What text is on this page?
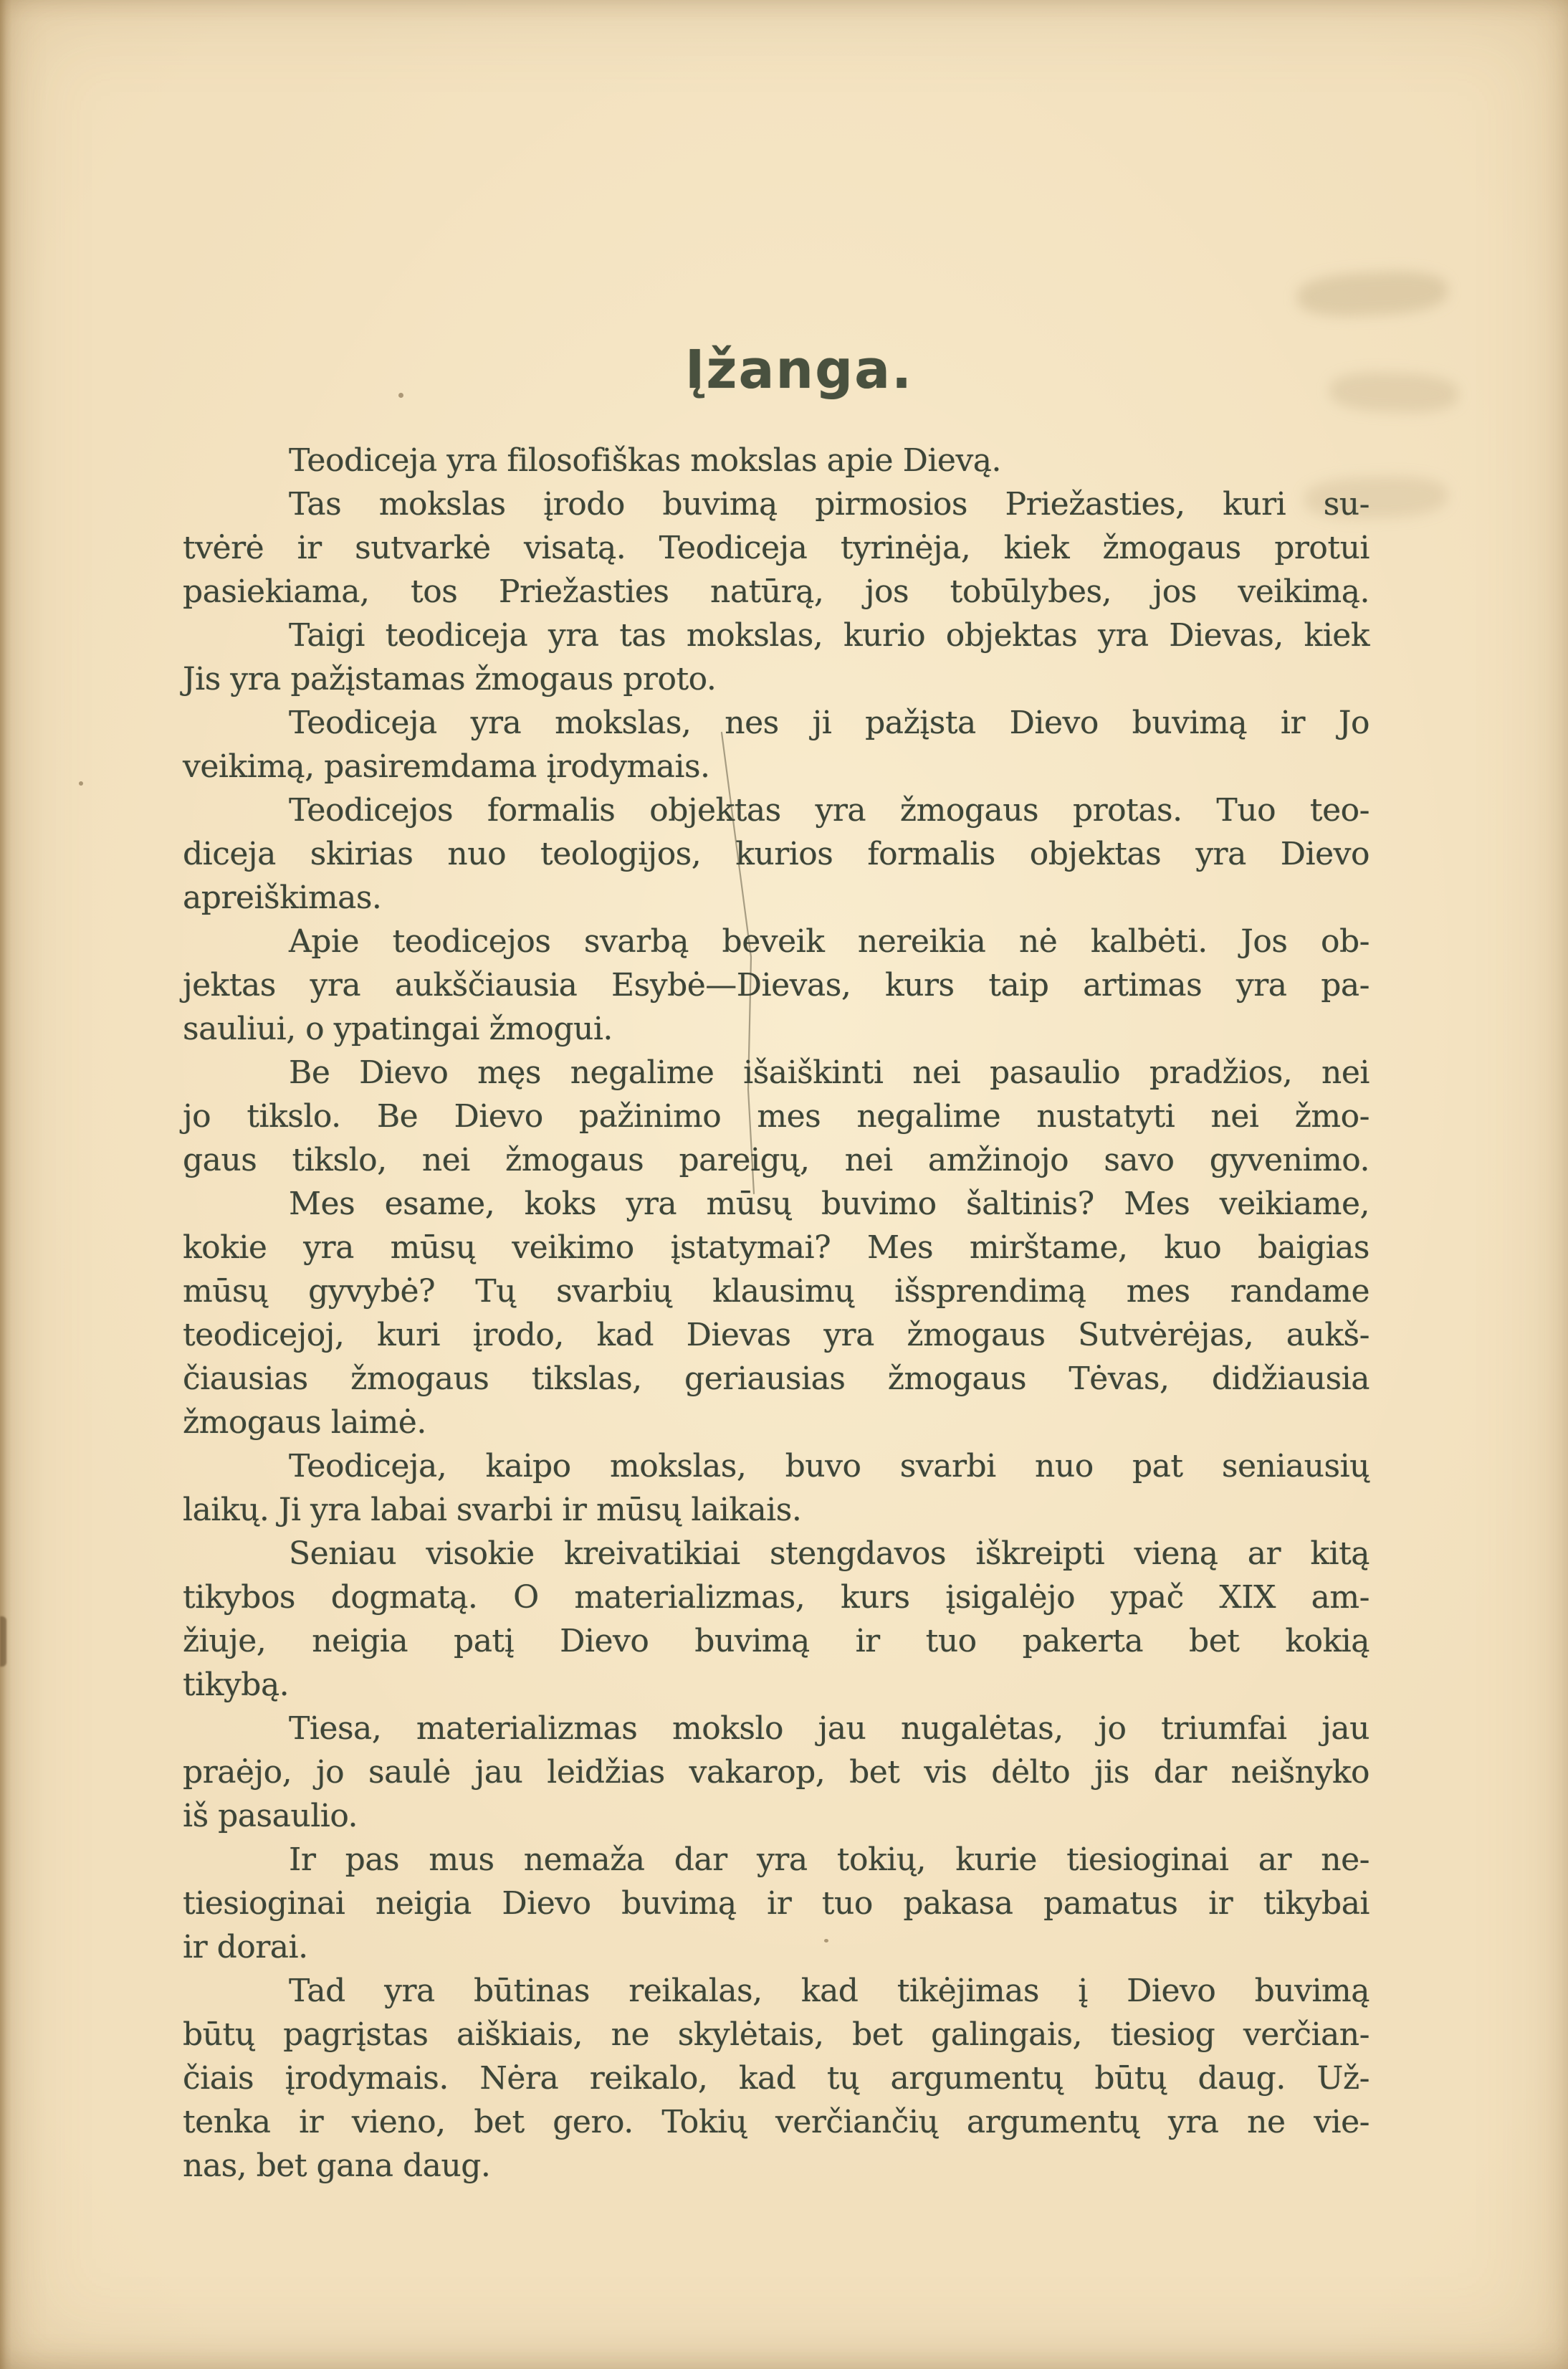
Įžanga.
Teodiceja yra filosofiškas mokslas apie Dievą.
Tas mokslas įrodo buvimą pirmosios Priežasties, kuri su-
tvėrė ir sutvarkė visatą. Teodiceja tyrinėja, kiek žmogaus protui
pasiekiama, tos Priežasties natūrą, jos tobūlybes, jos veikimą.
Taigi teodiceja yra tas mokslas, kurio objektas yra Dievas, kiek
Jis yra pažįstamas žmogaus proto.
Teodiceja yra mokslas, nes ji pažįsta Dievo buvimą ir Jo
veikimą, pasiremdama įrodymais.
Teodicejos formalis objektas yra žmogaus protas. Tuo teo-
diceja skirias nuo teologijos, kurios formalis objektas yra Dievo
apreiškimas.
Apie teodicejos svarbą beveik nereikia nė kalbėti. Jos ob-
jektas yra aukščiausia Esybė—Dievas, kurs taip artimas yra pa-
sauliui, o ypatingai žmogui.
Be Dievo męs negalime išaiškinti nei pasaulio pradžios, nei
jo tikslo. Be Dievo pažinimo mes negalime nustatyti nei žmo-
gaus tikslo, nei žmogaus pareigų, nei amžinojo savo gyvenimo.
Mes esame, koks yra mūsų buvimo šaltinis? Mes veikiame,
kokie yra mūsų veikimo įstatymai? Mes mirštame, kuo baigias
mūsų gyvybė? Tų svarbių klausimų išsprendimą mes randame
teodicejoj, kuri įrodo, kad Dievas yra žmogaus Sutvėrėjas, aukš-
čiausias žmogaus tikslas, geriausias žmogaus Tėvas, didžiausia
žmogaus laimė.
Teodiceja, kaipo mokslas, buvo svarbi nuo pat seniausių
laikų. Ji yra labai svarbi ir mūsų laikais.
Seniau visokie kreivatikiai stengdavos iškreipti vieną ar kitą
tikybos dogmatą. O materializmas, kurs įsigalėjo ypač XIX am-
žiuje, neigia patį Dievo buvimą ir tuo pakerta bet kokią
tikybą.
Tiesa, materializmas mokslo jau nugalėtas, jo triumfai jau
praėjo, jo saulė jau leidžias vakarop, bet vis dėlto jis dar neišnyko
iš pasaulio.
Ir pas mus nemaža dar yra tokių, kurie tiesioginai ar ne-
tiesioginai neigia Dievo buvimą ir tuo pakasa pamatus ir tikybai
ir dorai.
Tad yra būtinas reikalas, kad tikėjimas į Dievo buvimą
būtų pagrįstas aiškiais, ne skylėtais, bet galingais, tiesiog verčian-
čiais įrodymais. Nėra reikalo, kad tų argumentų būtų daug. Už-
tenka ir vieno, bet gero. Tokių verčiančių argumentų yra ne vie-
nas, bet gana daug.
